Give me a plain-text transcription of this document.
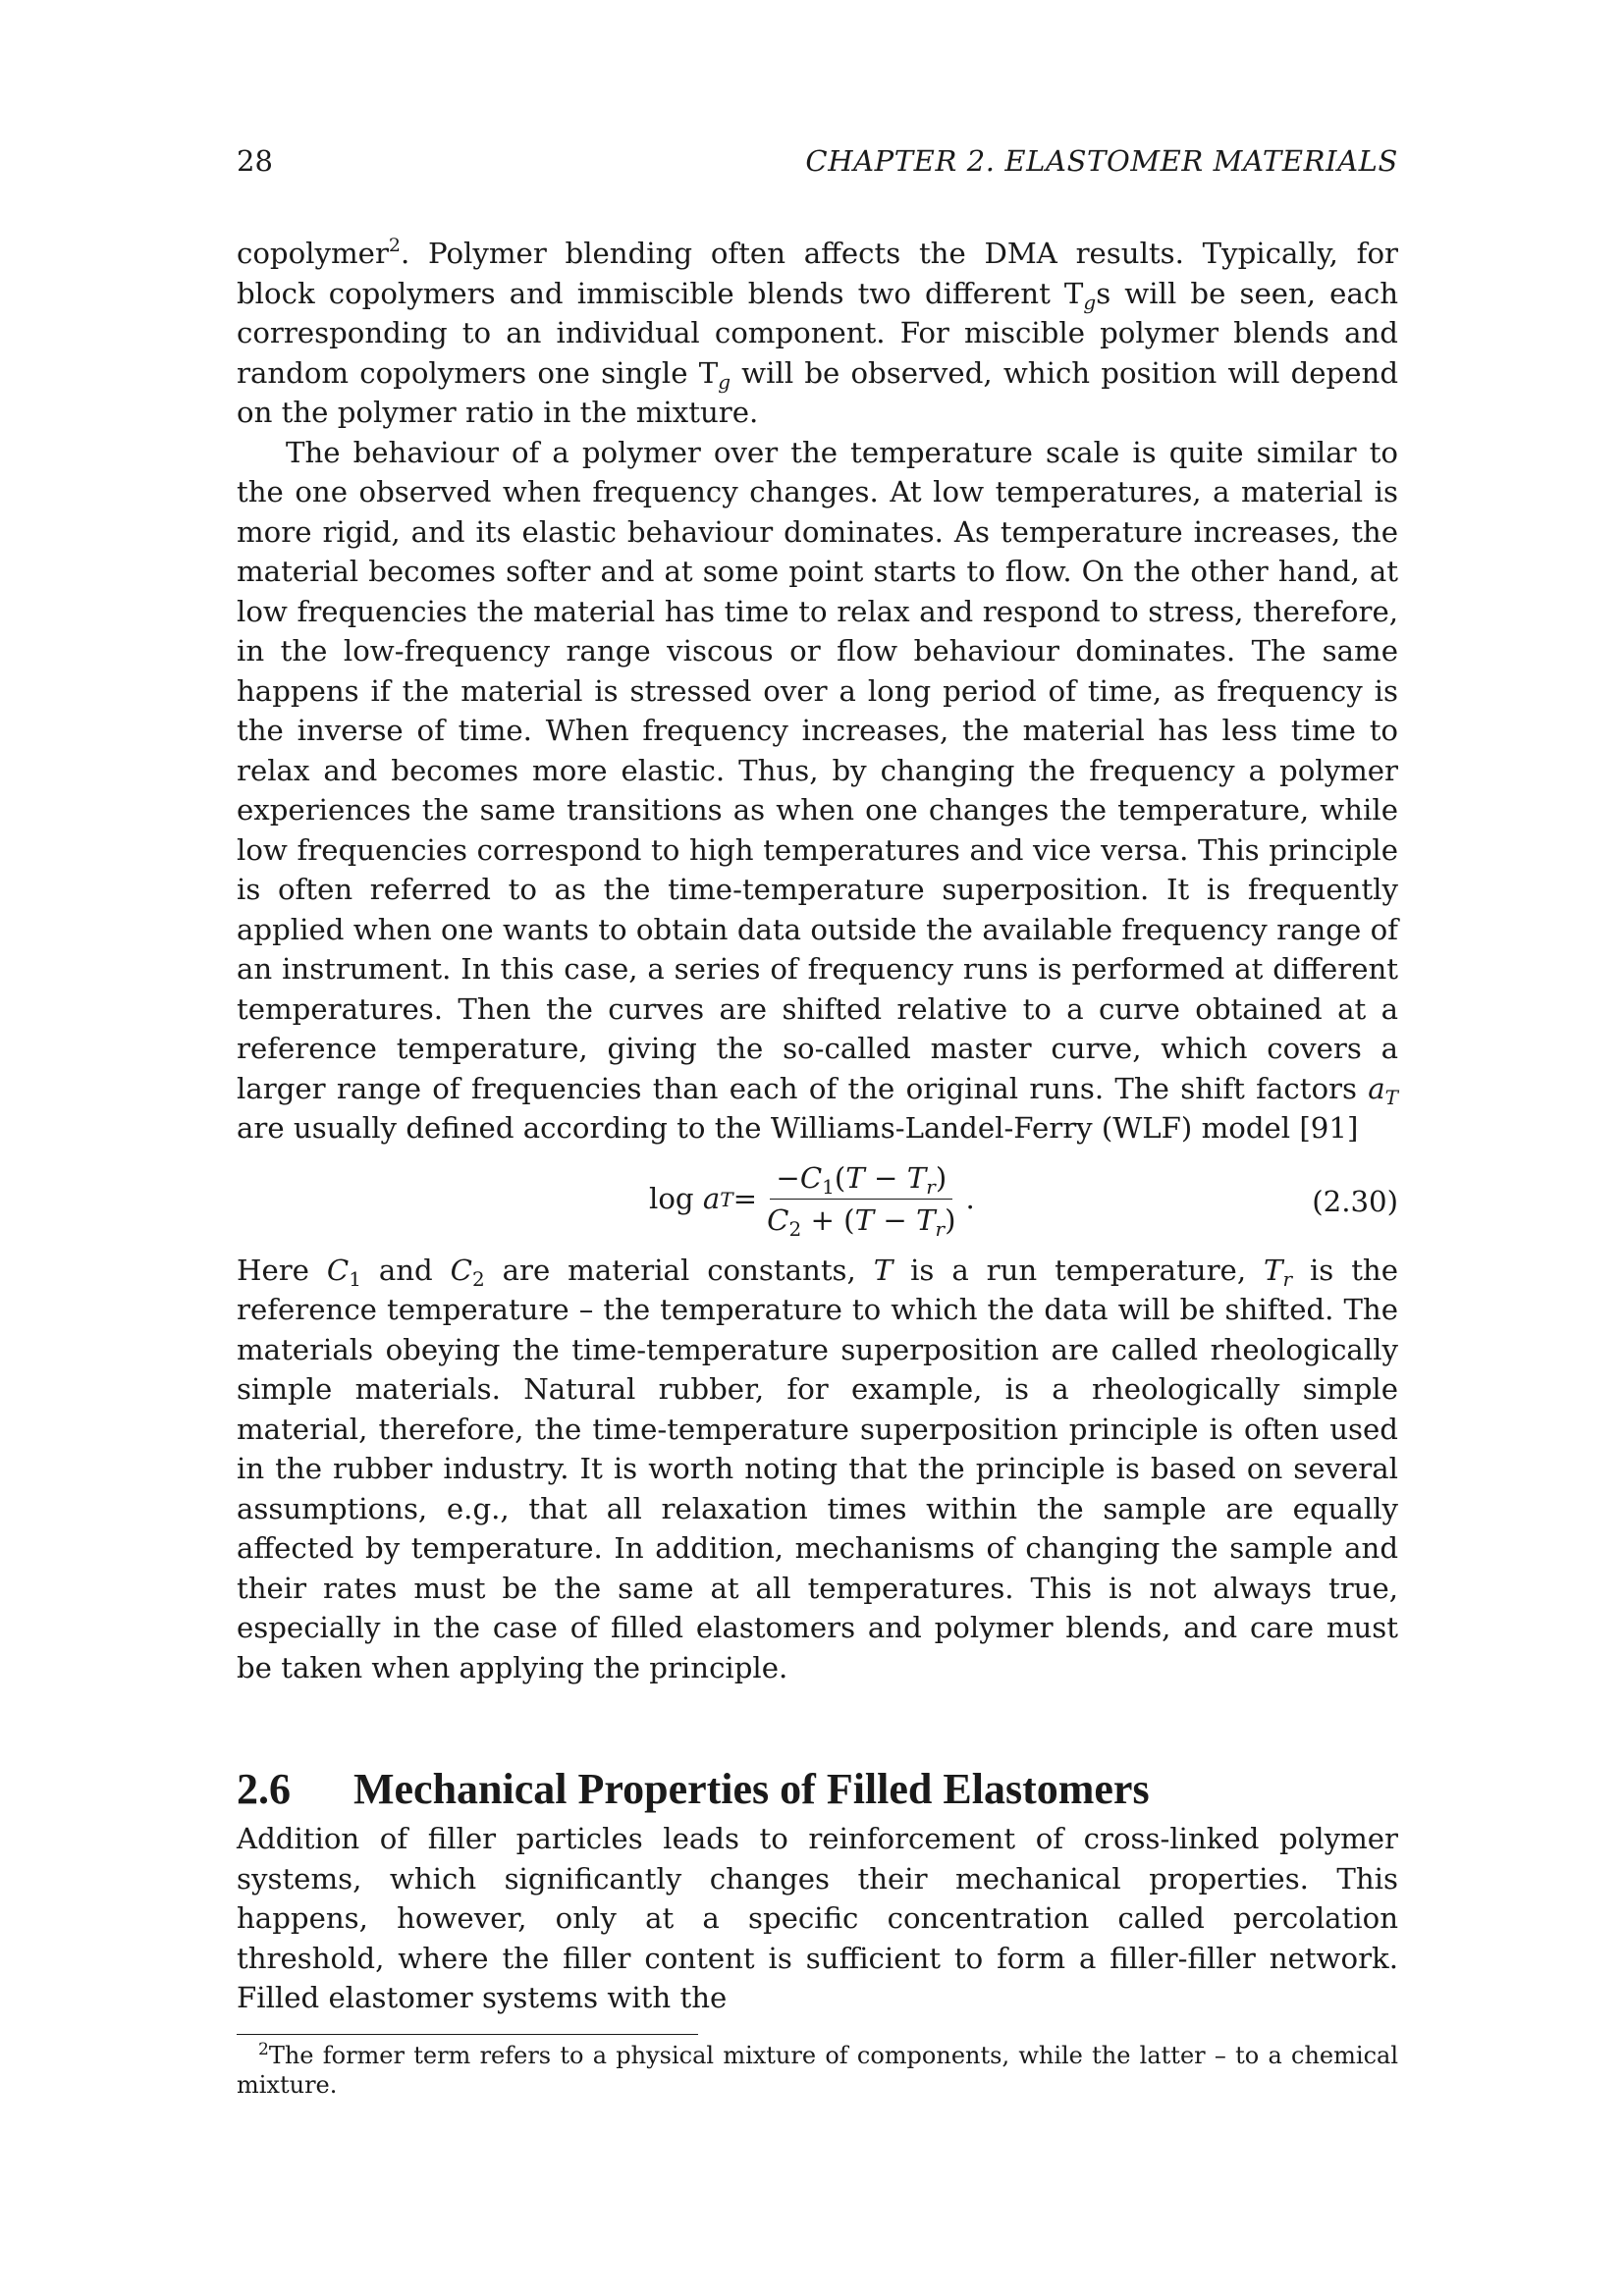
28	CHAPTER 2. ELASTOMER MATERIALS

copolymer$^2$. Polymer blending often affects the DMA results. Typically, for block copolymers and immiscible blends two different $T_gs$ will be seen, each corresponding to an individual component. For miscible polymer blends and random copolymers one single $T_g$ will be observed, which position will depend on the polymer ratio in the mixture.

The behaviour of a polymer over the temperature scale is quite similar to the one observed when frequency changes. At low temperatures, a material is more rigid, and its elastic behaviour dominates. As temperature increases, the material becomes softer and at some point starts to flow. On the other hand, at low frequencies the material has time to relax and respond to stress, therefore, in the low-frequency range viscous or flow behaviour dominates. The same happens if the material is stressed over a long period of time, as frequency is the inverse of time. When frequency increases, the material has less time to relax and becomes more elastic. Thus, by changing the frequency a polymer experiences the same transitions as when one changes the temperature, while low frequencies correspond to high temperatures and vice versa. This principle is often referred to as the time-temperature superposition. It is frequently applied when one wants to obtain data outside the available frequency range of an instrument. In this case, a series of frequency runs is performed at different temperatures. Then the curves are shifted relative to a curve obtained at a reference temperature, giving the so-called master curve, which covers a larger range of frequencies than each of the original runs. The shift factors $a_T$ are usually defined according to the Williams-Landel-Ferry (WLF) model [91]

log
a $T = \frac{-C_1(T - T_r)}{C_2 + (T - T_r)}$ .	(2.30)

Here $C_1$ and $C_2$ are material constants, T is a run temperature, $T_r$ is the reference temperature – the temperature to which the data will be shifted. The materials obeying the time-temperature superposition are called rheologically simple materials. Natural rubber, for example, is a rheologically simple material, therefore, the time-temperature superposition principle is often used in the rubber industry. It is worth noting that the principle is based on several assumptions, e.g., that all relaxation times within the sample are equally affected by temperature. In addition, mechanisms of changing the sample and their rates must be the same at all temperatures. This is not always true, especially in the case of filled elastomers and polymer blends, and care must be taken when applying the principle.

2.6	Mechanical Properties of Filled Elastomers

Addition of filler particles leads to reinforcement of cross-linked polymer systems, which significantly changes their mechanical properties. This happens, however, only at a specific concentration called percolation threshold, where the filler content is sufficient to form a filler-filler network. Filled elastomer systems with the

$^2$The former term refers to a physical mixture of components, while the latter – to a chemical mixture.
